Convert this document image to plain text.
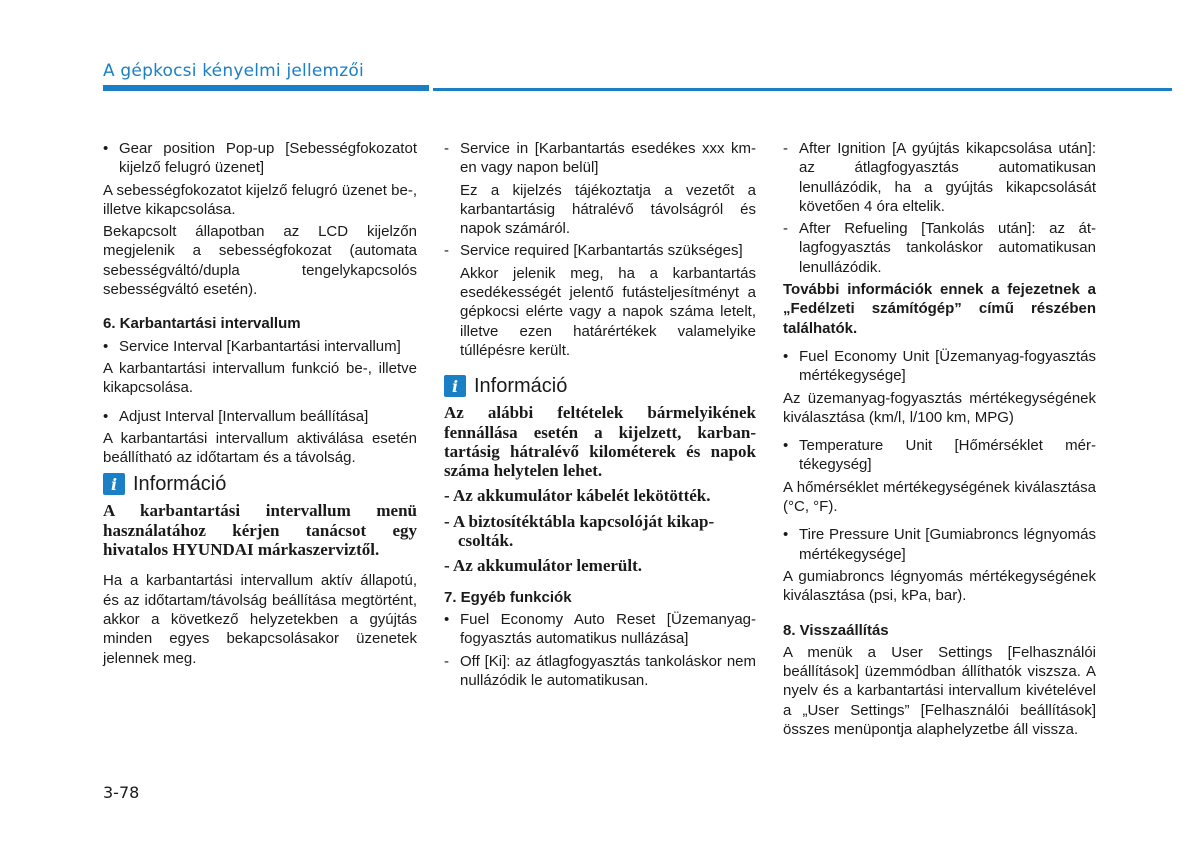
A gépkocsi kényelmi jellemzői
• Gear position Pop-up [Sebességfokozatot kijelző felugró üzenet]

A sebességfokozatot kijelző felugró üzenet be-, illetve kikapcsolása.

Bekapcsolt állapotban az LCD kijelzőn megjelenik a sebességfokozat (automata sebességváltó/dupla tengelykapcsolós sebességváltó esetén).

6. Karbantartási intervallum
• Service Interval [Karbantartási intervallum]

A karbantartási intervallum funkció be-, illetve kikapcsolása.

• Adjust Interval [Intervallum beállítása]

A karbantartási intervallum aktiválása esetén beállítható az időtartam és a távolság.

i Információ

A karbantartási intervallum menü használatához kérjen tanácsot egy hivatalos HYUNDAI márkaszerviztől.

Ha a karbantartási intervallum aktív állapotú, és az időtartam/távolság beállítása megtörtént, akkor a következő helyzetekben a gyújtás minden egyes bekapcsolásakor üzenetek jelennek meg.

- Service in [Karbantartás esedékes xxx km-en vagy napon belül]

Ez a kijelzés tájékoztatja a vezetőt a karbantartásig hátralévő távolságról és napok számáról.

- Service required [Karbantartás szükséges]

Akkor jelenik meg, ha a karbantartás esedékességét jelentő futásteljesítményt a gépkocsi elérte vagy a napok száma letelt, illetve ezen határértékek valamelyike túllépésre került.

i Információ

Az alábbi feltételek bármelyikének fennállása esetén a kijelzett, karbantartásig hátralévő kilométerek és napok száma helytelen lehet.

- Az akkumulátor kábelét lekötötték.

- A biztosítéktábla kapcsolóját kikapcsolták.

- Az akkumulátor lemerült.

7. Egyéb funkciók
• Fuel Economy Auto Reset [Üzemanyag-fogyasztás automatikus nullázása]
- Off [Ki]: az átlagfogyasztás tankoláskor nem nullázódik le automatikusan.
- After Ignition [A gyújtás kikapcsolása után]: az átlagfogyasztás automatikusan lenullázódik, ha a gyújtás kikapcsolását követően 4 óra eltelik.
- After Refueling [Tankolás után]: az átlagfogyasztás tankoláskor automatikusan lenullázódik.

További információk ennek a fejezetnek a „Fedélzeti számítógép” című részében találhatók.

• Fuel Economy Unit [Üzemanyag-fogyasztás mértékegysége]

Az üzemanyag-fogyasztás mértékegységének kiválasztása (km/l, l/100 km, MPG)

• Temperature Unit [Hőmérséklet mértékegység]

A hőmérséklet mértékegységének kiválasztása (°C, °F).

• Tire Pressure Unit [Gumiabroncs légnyomás mértékegysége]

A gumiabroncs légnyomás mértékegységének kiválasztása (psi, kPa, bar).

8. Visszaállítás

A menük a User Settings [Felhasználói beállítások] üzemmódban állíthatók viszsza. A nyelv és a karbantartási intervallum kivételével a „User Settings” [Felhasználói beállítások] összes menüpontja alaphelyzetbe áll vissza.

3-78
